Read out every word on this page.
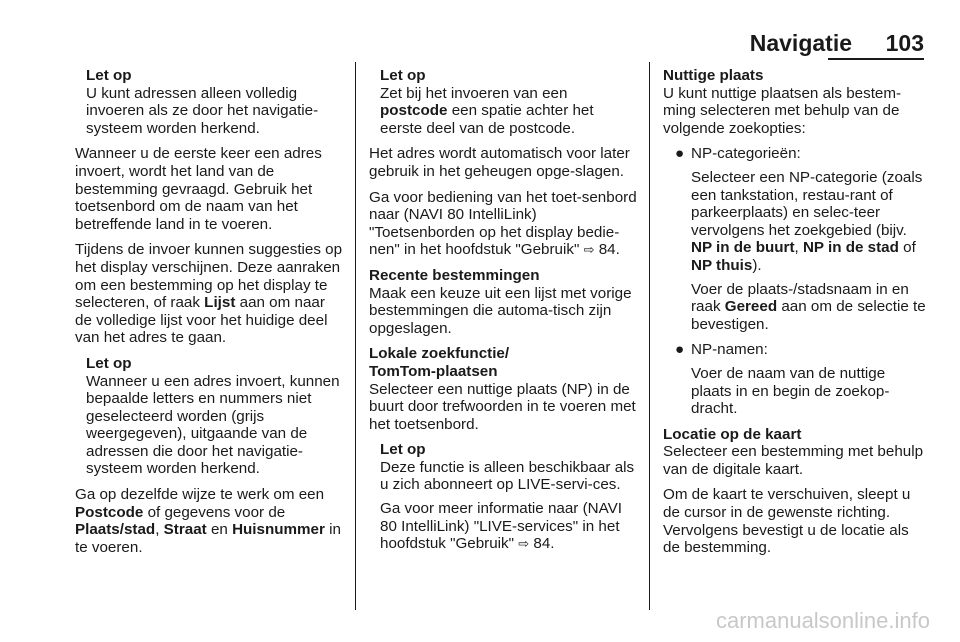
Navigatie 103
Let op
U kunt adressen alleen volledig invoeren als ze door het navigatie-systeem worden herkend.

Wanneer u de eerste keer een adres invoert, wordt het land van de bestemming gevraagd. Gebruik het toetsenbord om de naam van het betreffende land in te voeren.

Tijdens de invoer kunnen suggesties op het display verschijnen. Deze aanraken om een bestemming op het display te selecteren, of raak Lijst aan om naar de volledige lijst voor het huidige deel van het adres te gaan.

Let op
Wanneer u een adres invoert, kunnen bepaalde letters en nummers niet geselecteerd worden (grijs weergegeven), uitgaande van de adressen die door het navigatie-systeem worden herkend.

Ga op dezelfde wijze te werk om een Postcode of gegevens voor de Plaats/stad, Straat en Huisnummer in te voeren.

Let op
Zet bij het invoeren van een postcode een spatie achter het eerste deel van de postcode.

Het adres wordt automatisch voor later gebruik in het geheugen opge-slagen.

Ga voor bediening van het toet-senbord naar (NAVI 80 IntelliLink) "Toetsenborden op het display bedie-nen" in het hoofdstuk "Gebruik" ⇨ 84.

Recente bestemmingen

Maak een keuze uit een lijst met vorige bestemmingen die automa-tisch zijn opgeslagen.

Lokale zoekfunctie/
TomTom-plaatsen

Selecteer een nuttige plaats (NP) in de buurt door trefwoorden in te voeren met het toetsenbord.

Let op
Deze functie is alleen beschikbaar als u zich abonneert op LIVE-servi-ces.
Ga voor meer informatie naar (NAVI 80 IntelliLink) "LIVE-services" in het hoofdstuk "Gebruik" ⇨ 84.
Nuttige plaats

U kunt nuttige plaatsen als bestem-ming selecteren met behulp van de volgende zoekopties:

● NP-categorieën:
Selecteer een NP-categorie (zoals een tankstation, restau-rant of parkeerplaats) en selec-teer vervolgens het zoekgebied (bijv. NP in de buurt, NP in de stad of NP thuis).
Voer de plaats-/stadsnaam in en raak Gereed aan om de selectie te bevestigen.
● NP-namen:
Voer de naam van de nuttige plaats in en begin de zoekop-dracht.
Locatie op de kaart

Selecteer een bestemming met behulp van de digitale kaart.

Om de kaart te verschuiven, sleept u de cursor in de gewenste richting. Vervolgens bevestigt u de locatie als de bestemming.

carmanualsonline.info
